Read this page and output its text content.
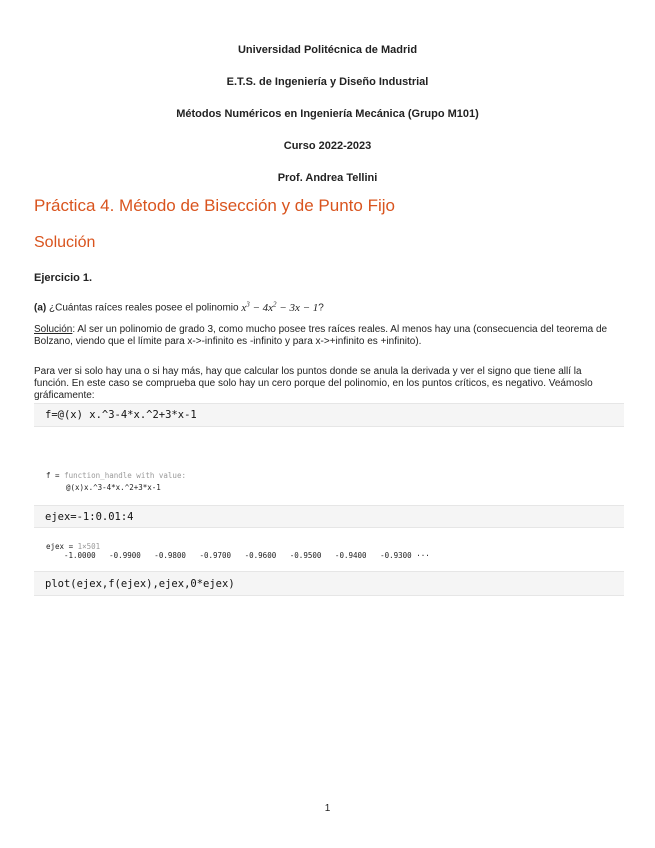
Universidad Politécnica de Madrid
E.T.S. de Ingeniería y Diseño Industrial
Métodos Numéricos en Ingeniería Mecánica (Grupo M101)
Curso 2022-2023
Prof. Andrea Tellini
Práctica 4. Método de Bisección y de Punto Fijo
Solución
Ejercicio 1.
(a) ¿Cuántas raíces reales posee el polinomio $x^3 - 4x^2 - 3x - 1$?
Solución: Al ser un polinomio de grado 3, como mucho posee tres raíces reales. Al menos hay una (consecuencia del teorema de Bolzano, viendo que el límite para x->-infinito es -infinito y para x->+infinito es +infinito).
Para ver si solo hay una o si hay más, hay que calcular los puntos donde se anula la derivada y ver el signo que tiene allí la función. En este caso se comprueba que solo hay un cero porque del polinomio, en los puntos críticos, es negativo. Veámoslo gráficamente:
f=@(x) x.^3-4*x.^2+3*x-1
f = function_handle with value:
@(x)x.^3-4*x.^2+3*x-1
ejex=-1:0.01:4
ejex = 1×501
-1.0000   -0.9900   -0.9800   -0.9700   -0.9600   -0.9500   -0.9400   -0.9300 ···
plot(ejex,f(ejex),ejex,0*ejex)
1
